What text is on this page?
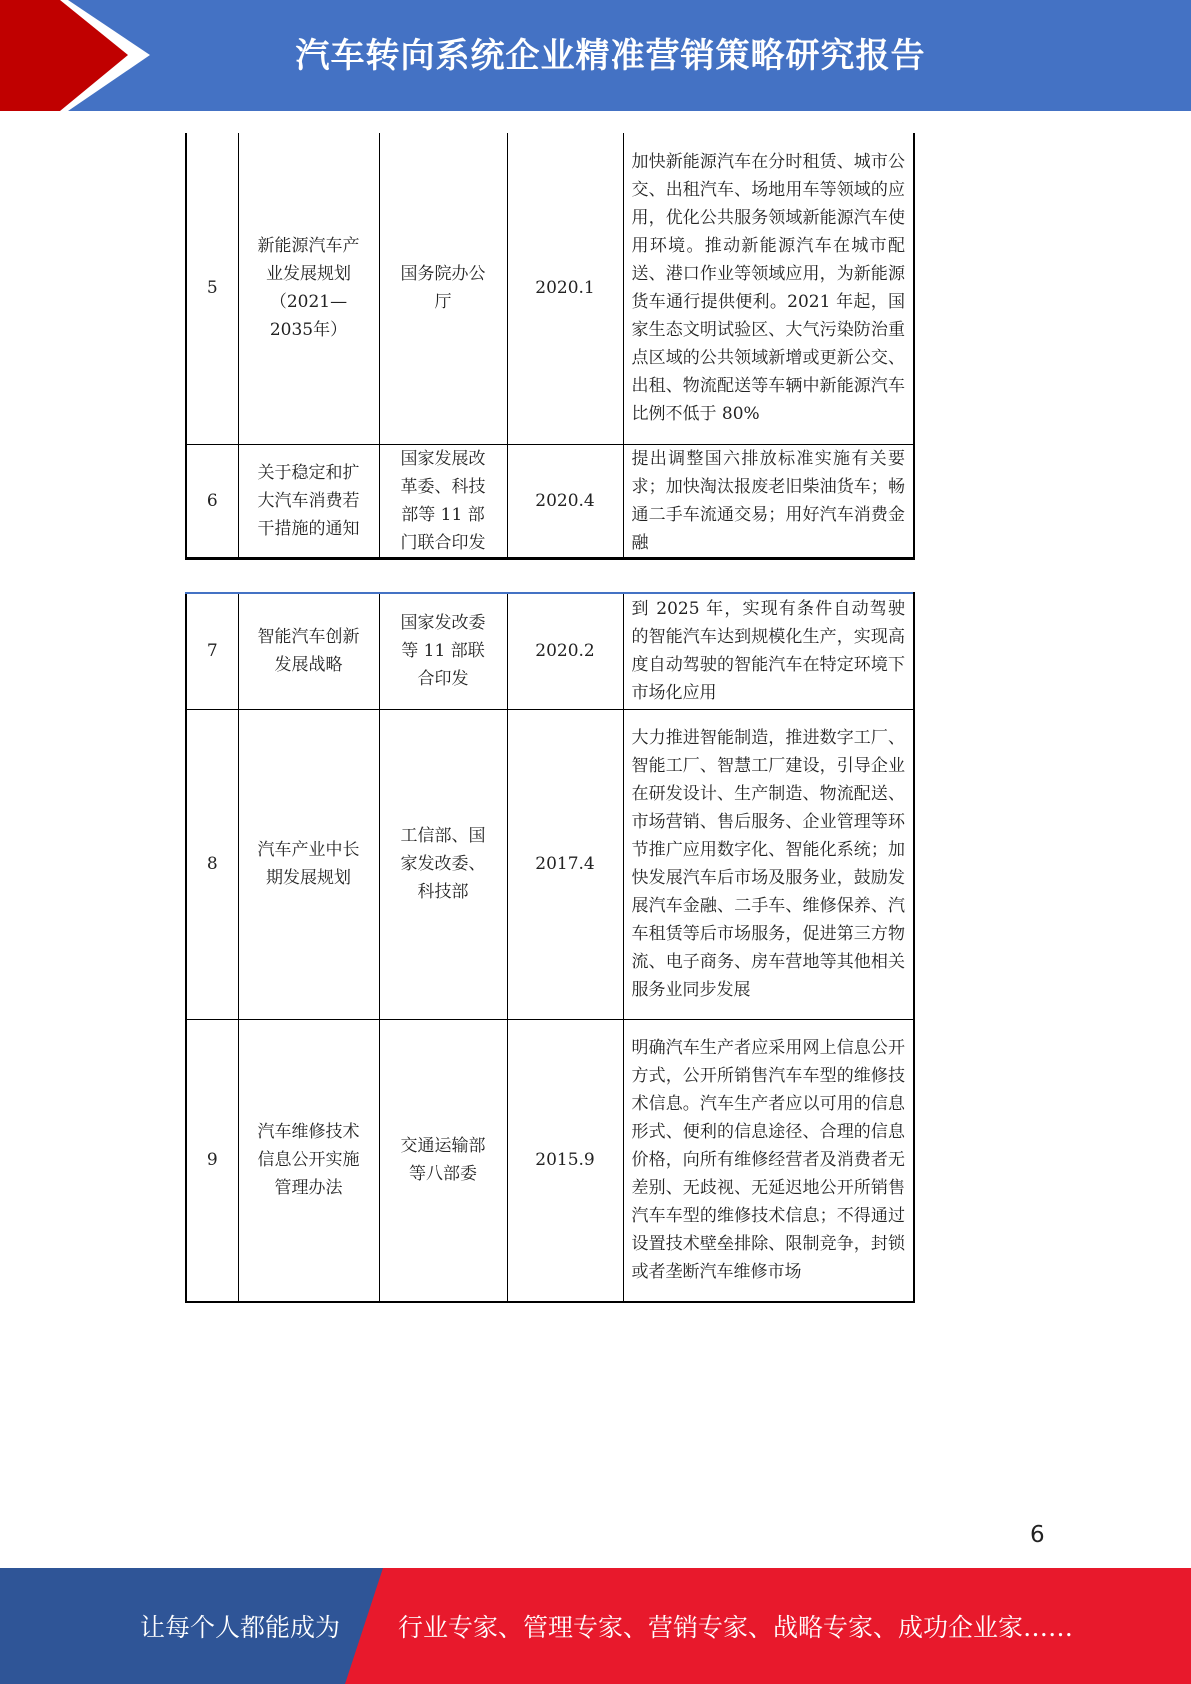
汽车转向系统企业精准营销策略研究报告
5	新能源汽车产业发展规划（2021—2035年）	国务院办公厅	2020.1	加快新能源汽车在分时租赁、城市公交、出租汽车、场地用车等领域的应用，优化公共服务领域新能源汽车使用环境。推动新能源汽车在城市配送、港口作业等领域应用，为新能源货车通行提供便利。2021 年起，国家生态文明试验区、大气污染防治重点区域的公共领域新增或更新公交、出租、物流配送等车辆中新能源汽车比例不低于 80%
6	关于稳定和扩大汽车消费若干措施的通知	国家发展改革委、科技部等 11 部门联合印发	2020.4	提出调整国六排放标准实施有关要求；加快淘汰报废老旧柴油货车；畅通二手车流通交易；用好汽车消费金融
7	智能汽车创新发展战略	国家发改委等 11 部联合印发	2020.2	到 2025 年，实现有条件自动驾驶的智能汽车达到规模化生产，实现高度自动驾驶的智能汽车在特定环境下市场化应用
8	汽车产业中长期发展规划	工信部、国家发改委、科技部	2017.4	大力推进智能制造，推进数字工厂、智能工厂、智慧工厂建设，引导企业在研发设计、生产制造、物流配送、市场营销、售后服务、企业管理等环节推广应用数字化、智能化系统；加快发展汽车后市场及服务业，鼓励发展汽车金融、二手车、维修保养、汽车租赁等后市场服务，促进第三方物流、电子商务、房车营地等其他相关服务业同步发展
9	汽车维修技术信息公开实施管理办法	交通运输部等八部委	2015.9	明确汽车生产者应采用网上信息公开方式，公开所销售汽车车型的维修技术信息。汽车生产者应以可用的信息形式、便利的信息途径、合理的信息价格，向所有维修经营者及消费者无差别、无歧视、无延迟地公开所销售汽车车型的维修技术信息；不得通过设置技术壁垒排除、限制竞争，封锁或者垄断汽车维修市场
6
让每个人都能成为 行业专家、管理专家、营销专家、战略专家、成功企业家……
